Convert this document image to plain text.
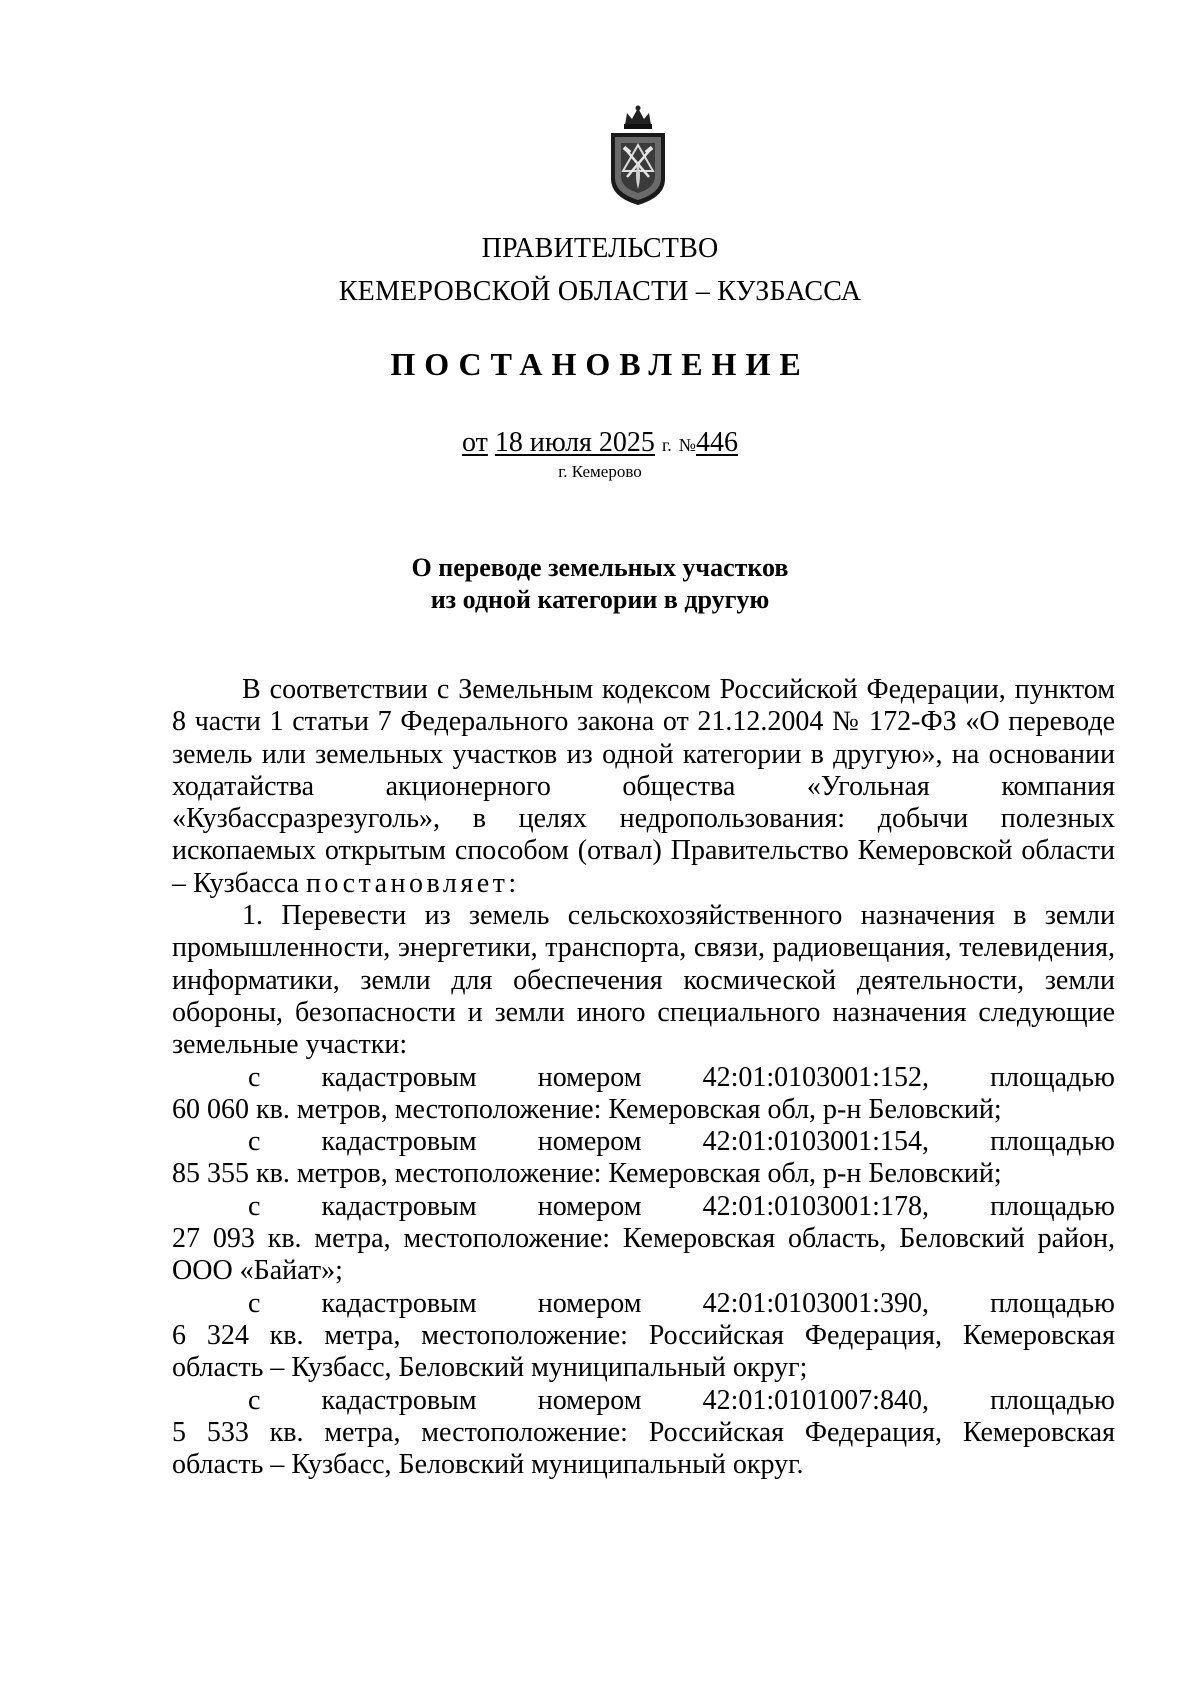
ПРАВИТЕЛЬСТВО
КЕМЕРОВСКОЙ ОБЛАСТИ – КУЗБАССА
ПОСТАНОВЛЕНИЕ
от 18 июля 2025 г. №446
г. Кемерово
О переводе земельных участков
из одной категории в другую

В соответствии с Земельным кодексом Российской Федерации, пунктом 8 части 1 статьи 7 Федерального закона от 21.12.2004 № 172-ФЗ «О переводе земель или земельных участков из одной категории в другую», на основании ходатайства акционерного общества «Угольная компания «Кузбассразрезуголь», в целях недропользования: добычи полезных ископаемых открытым способом (отвал) Правительство Кемеровской области – Кузбасса постановляет:

1. Перевести из земель сельскохозяйственного назначения в земли промышленности, энергетики, транспорта, связи, радиовещания, телевидения, информатики, земли для обеспечения космической деятельности, земли обороны, безопасности и земли иного специального назначения следующие земельные участки:

с кадастровым номером 42:01:0103001:152, площадью
60 060 кв. метров, местоположение: Кемеровская обл, р-н Беловский;
с кадастровым номером 42:01:0103001:154, площадью
85 355 кв. метров, местоположение: Кемеровская обл, р-н Беловский;
с кадастровым номером 42:01:0103001:178, площадью
27 093 кв. метра, местоположение: Кемеровская область, Беловский район, ООО «Байат»;
с кадастровым номером 42:01:0103001:390, площадью
6 324 кв. метра, местоположение: Российская Федерация, Кемеровская область – Кузбасс, Беловский муниципальный округ;
с кадастровым номером 42:01:0101007:840, площадью
5 533 кв. метра, местоположение: Российская Федерация, Кемеровская область – Кузбасс, Беловский муниципальный округ.
